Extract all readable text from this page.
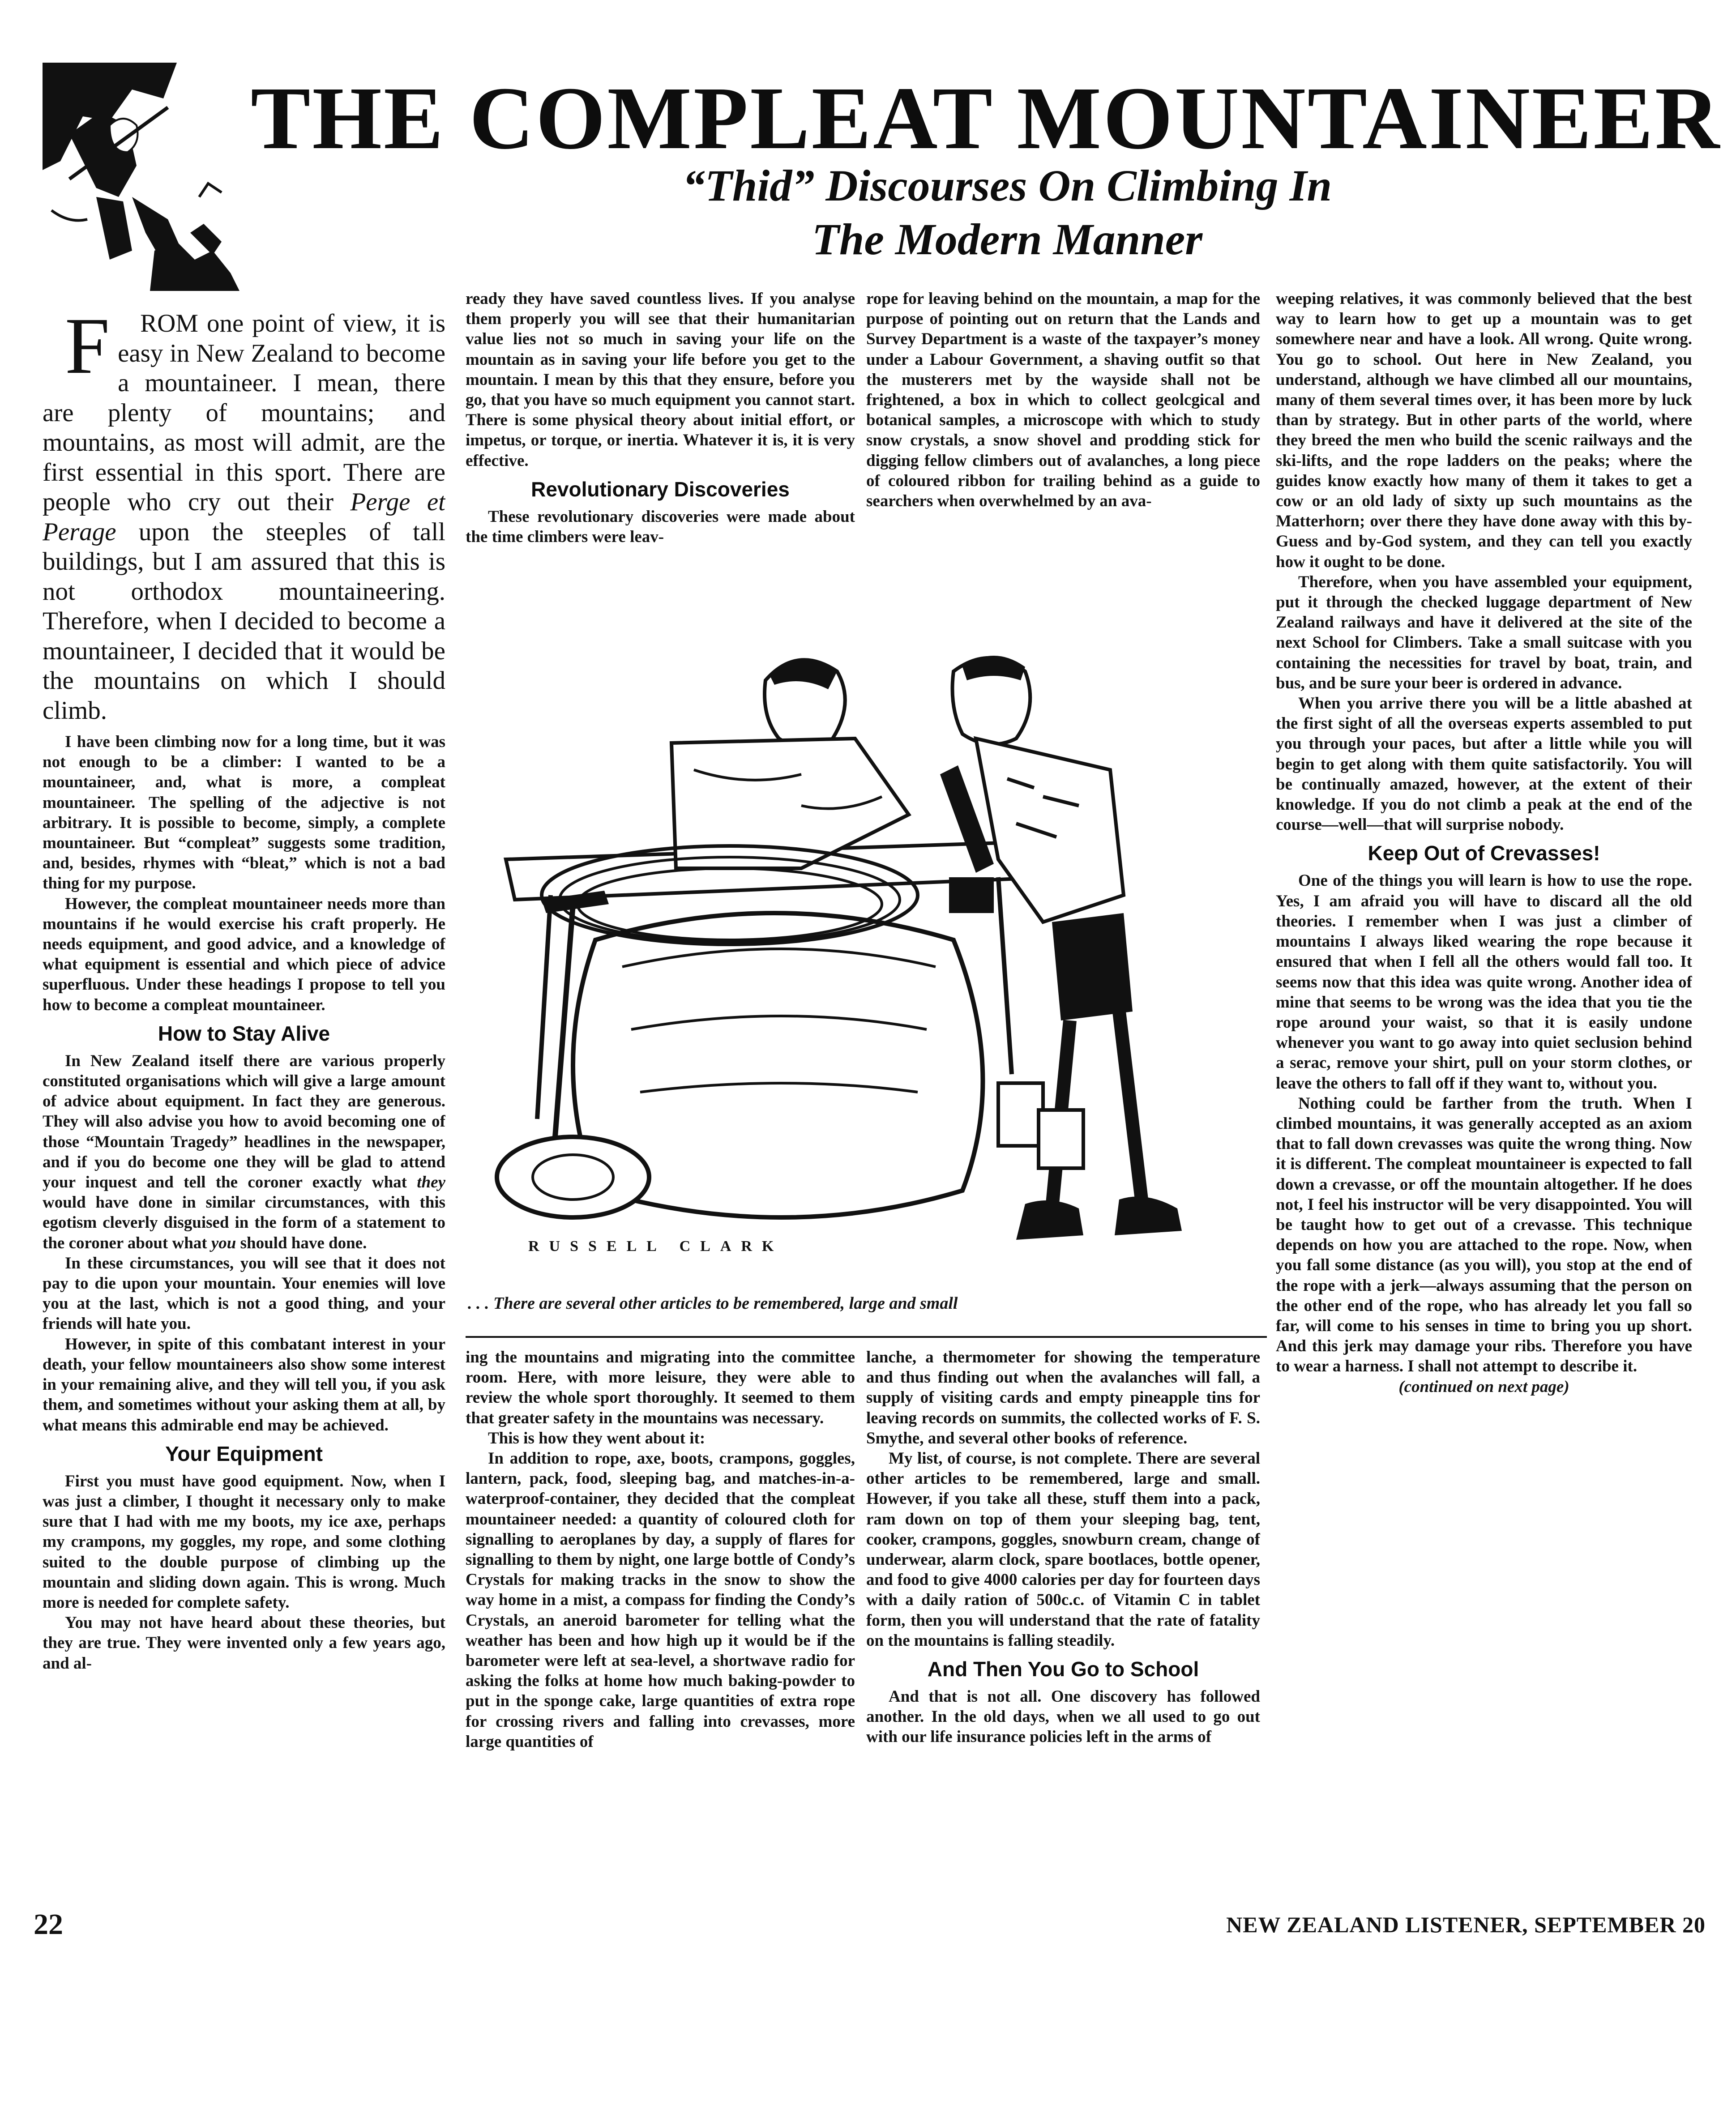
THE COMPLEAT MOUNTAINEER
“Thid” Discourses On Climbing In
The Modern Manner

F ROM one point of view, it is easy in New Zealand to become a mountaineer. I mean, there are plenty of mountains; and mountains, as most will admit, are the first essential in this sport. There are people who cry out their Perge et Perage upon the steeples of tall buildings, but I am assured that this is not orthodox mountaineering. Therefore, when I decided to become a mountaineer, I decided that it would be the mountains on which I should climb.

I have been climbing now for a long time, but it was not enough to be a climber: I wanted to be a mountaineer, and, what is more, a compleat mountaineer. The spelling of the adjective is not arbitrary. It is possible to become, simply, a complete mountaineer. But “compleat” suggests some tradition, and, besides, rhymes with “bleat,” which is not a bad thing for my purpose.

However, the compleat mountaineer needs more than mountains if he would exercise his craft properly. He needs equipment, and good advice, and a knowledge of what equipment is essential and which piece of advice superfluous. Under these headings I propose to tell you how to become a compleat mountaineer.

How to Stay Alive

In New Zealand itself there are various properly constituted organisations which will give a large amount of advice about equipment. In fact they are generous. They will also advise you how to avoid becoming one of those “Mountain Tragedy” headlines in the newspaper, and if you do become one they will be glad to attend your inquest and tell the coroner exactly what they would have done in similar circumstances, with this egotism cleverly disguised in the form of a statement to the coroner about what you should have done.

In these circumstances, you will see that it does not pay to die upon your mountain. Your enemies will love you at the last, which is not a good thing, and your friends will hate you.

However, in spite of this combatant interest in your death, your fellow mountaineers also show some interest in your remaining alive, and they will tell you, if you ask them, and sometimes without your asking them at all, by what means this admirable end may be achieved.

Your Equipment

First you must have good equipment. Now, when I was just a climber, I thought it necessary only to make sure that I had with me my boots, my ice axe, perhaps my crampons, my goggles, my rope, and some clothing suited to the double purpose of climbing up the mountain and sliding down again. This is wrong. Much more is needed for complete safety.

You may not have heard about these theories, but they are true. They were invented only a few years ago, and al-

ready they have saved countless lives. If you analyse them properly you will see that their humanitarian value lies not so much in saving your life on the mountain as in saving your life before you get to the mountain. I mean by this that they ensure, before you go, that you have so much equipment you cannot start. There is some physical theory about initial effort, or impetus, or torque, or inertia. Whatever it is, it is very effective.

Revolutionary Discoveries

These revolutionary discoveries were made about the time climbers were leav-

rope for leaving behind on the mountain, a map for the purpose of pointing out on return that the Lands and Survey Department is a waste of the taxpayer’s money under a Labour Government, a shaving outfit so that the musterers met by the wayside shall not be frightened, a box in which to collect geolcgical and botanical samples, a microscope with which to study snow crystals, a snow shovel and prodding stick for digging fellow climbers out of avalanches, a long piece of coloured ribbon for trailing behind as a guide to searchers when overwhelmed by an ava-

weeping relatives, it was commonly believed that the best way to learn how to get up a mountain was to get somewhere near and have a look. All wrong. Quite wrong. You go to school. Out here in New Zealand, you understand, although we have climbed all our mountains, many of them several times over, it has been more by luck than by strategy. But in other parts of the world, where they breed the men who build the scenic railways and the ski-lifts, and the rope ladders on the peaks; where the guides know exactly how many of them it takes to get a cow or an old lady of sixty up such mountains as the Matterhorn; over there they have done away with this by-Guess and by-God system, and they can tell you exactly how it ought to be done.

Therefore, when you have assembled your equipment, put it through the checked luggage department of New Zealand railways and have it delivered at the site of the next School for Climbers. Take a small suitcase with you containing the necessities for travel by boat, train, and bus, and be sure your beer is ordered in advance.

When you arrive there you will be a little abashed at the first sight of all the overseas experts assembled to put you through your paces, but after a little while you will begin to get along with them quite satisfactorily. You will be continually amazed, however, at the extent of their knowledge. If you do not climb a peak at the end of the course—well—that will surprise nobody.

Keep Out of Crevasses!

One of the things you will learn is how to use the rope. Yes, I am afraid you will have to discard all the old theories. I remember when I was just a climber of mountains I always liked wearing the rope because it ensured that when I fell all the others would fall too. It seems now that this idea was quite wrong. Another idea of mine that seems to be wrong was the idea that you tie the rope around your waist, so that it is easily undone whenever you want to go away into quiet seclusion behind a serac, remove your shirt, pull on your storm clothes, or leave the others to fall off if they want to, without you.

Nothing could be farther from the truth. When I climbed mountains, it was generally accepted as an axiom that to fall down crevasses was quite the wrong thing. Now it is different. The compleat mountaineer is expected to fall down a crevasse, or off the mountain altogether. If he does not, I feel his instructor will be very disappointed. You will be taught how to get out of a crevasse. This technique depends on how you are attached to the rope. Now, when you fall some distance (as you will), you stop at the end of the rope with a jerk—always assuming that the person on the other end of the rope, who has already let you fall so far, will come to his senses in time to bring you up short. And this jerk may damage your ribs. Therefore you have to wear a harness. I shall not attempt to describe it.

(continued on next page)

RUSSELL CLARK
. . . There are several other articles to be remembered, large and small

ing the mountains and migrating into the committee room. Here, with more leisure, they were able to review the whole sport thoroughly. It seemed to them that greater safety in the mountains was necessary.

This is how they went about it:

In addition to rope, axe, boots, crampons, goggles, lantern, pack, food, sleeping bag, and matches-in-a-waterproof-container, they decided that the compleat mountaineer needed: a quantity of coloured cloth for signalling to aeroplanes by day, a supply of flares for signalling to them by night, one large bottle of Condy’s Crystals for making tracks in the snow to show the way home in a mist, a compass for finding the Condy’s Crystals, an aneroid barometer for telling what the weather has been and how high up it would be if the barometer were left at sea-level, a shortwave radio for asking the folks at home how much baking-powder to put in the sponge cake, large quantities of extra rope for crossing rivers and falling into crevasses, more large quantities of

lanche, a thermometer for showing the temperature and thus finding out when the avalanches will fall, a supply of visiting cards and empty pineapple tins for leaving records on summits, the collected works of F. S. Smythe, and several other books of reference.

My list, of course, is not complete. There are several other articles to be remembered, large and small. However, if you take all these, stuff them into a pack, ram down on top of them your sleeping bag, tent, cooker, crampons, goggles, snowburn cream, change of underwear, alarm clock, spare bootlaces, bottle opener, and food to give 4000 calories per day for fourteen days with a daily ration of 500c.c. of Vitamin C in tablet form, then you will understand that the rate of fatality on the mountains is falling steadily.

And Then You Go to School

And that is not all. One discovery has followed another. In the old days, when we all used to go out with our life insurance policies left in the arms of

22	NEW ZEALAND LISTENER, SEPTEMBER 20
